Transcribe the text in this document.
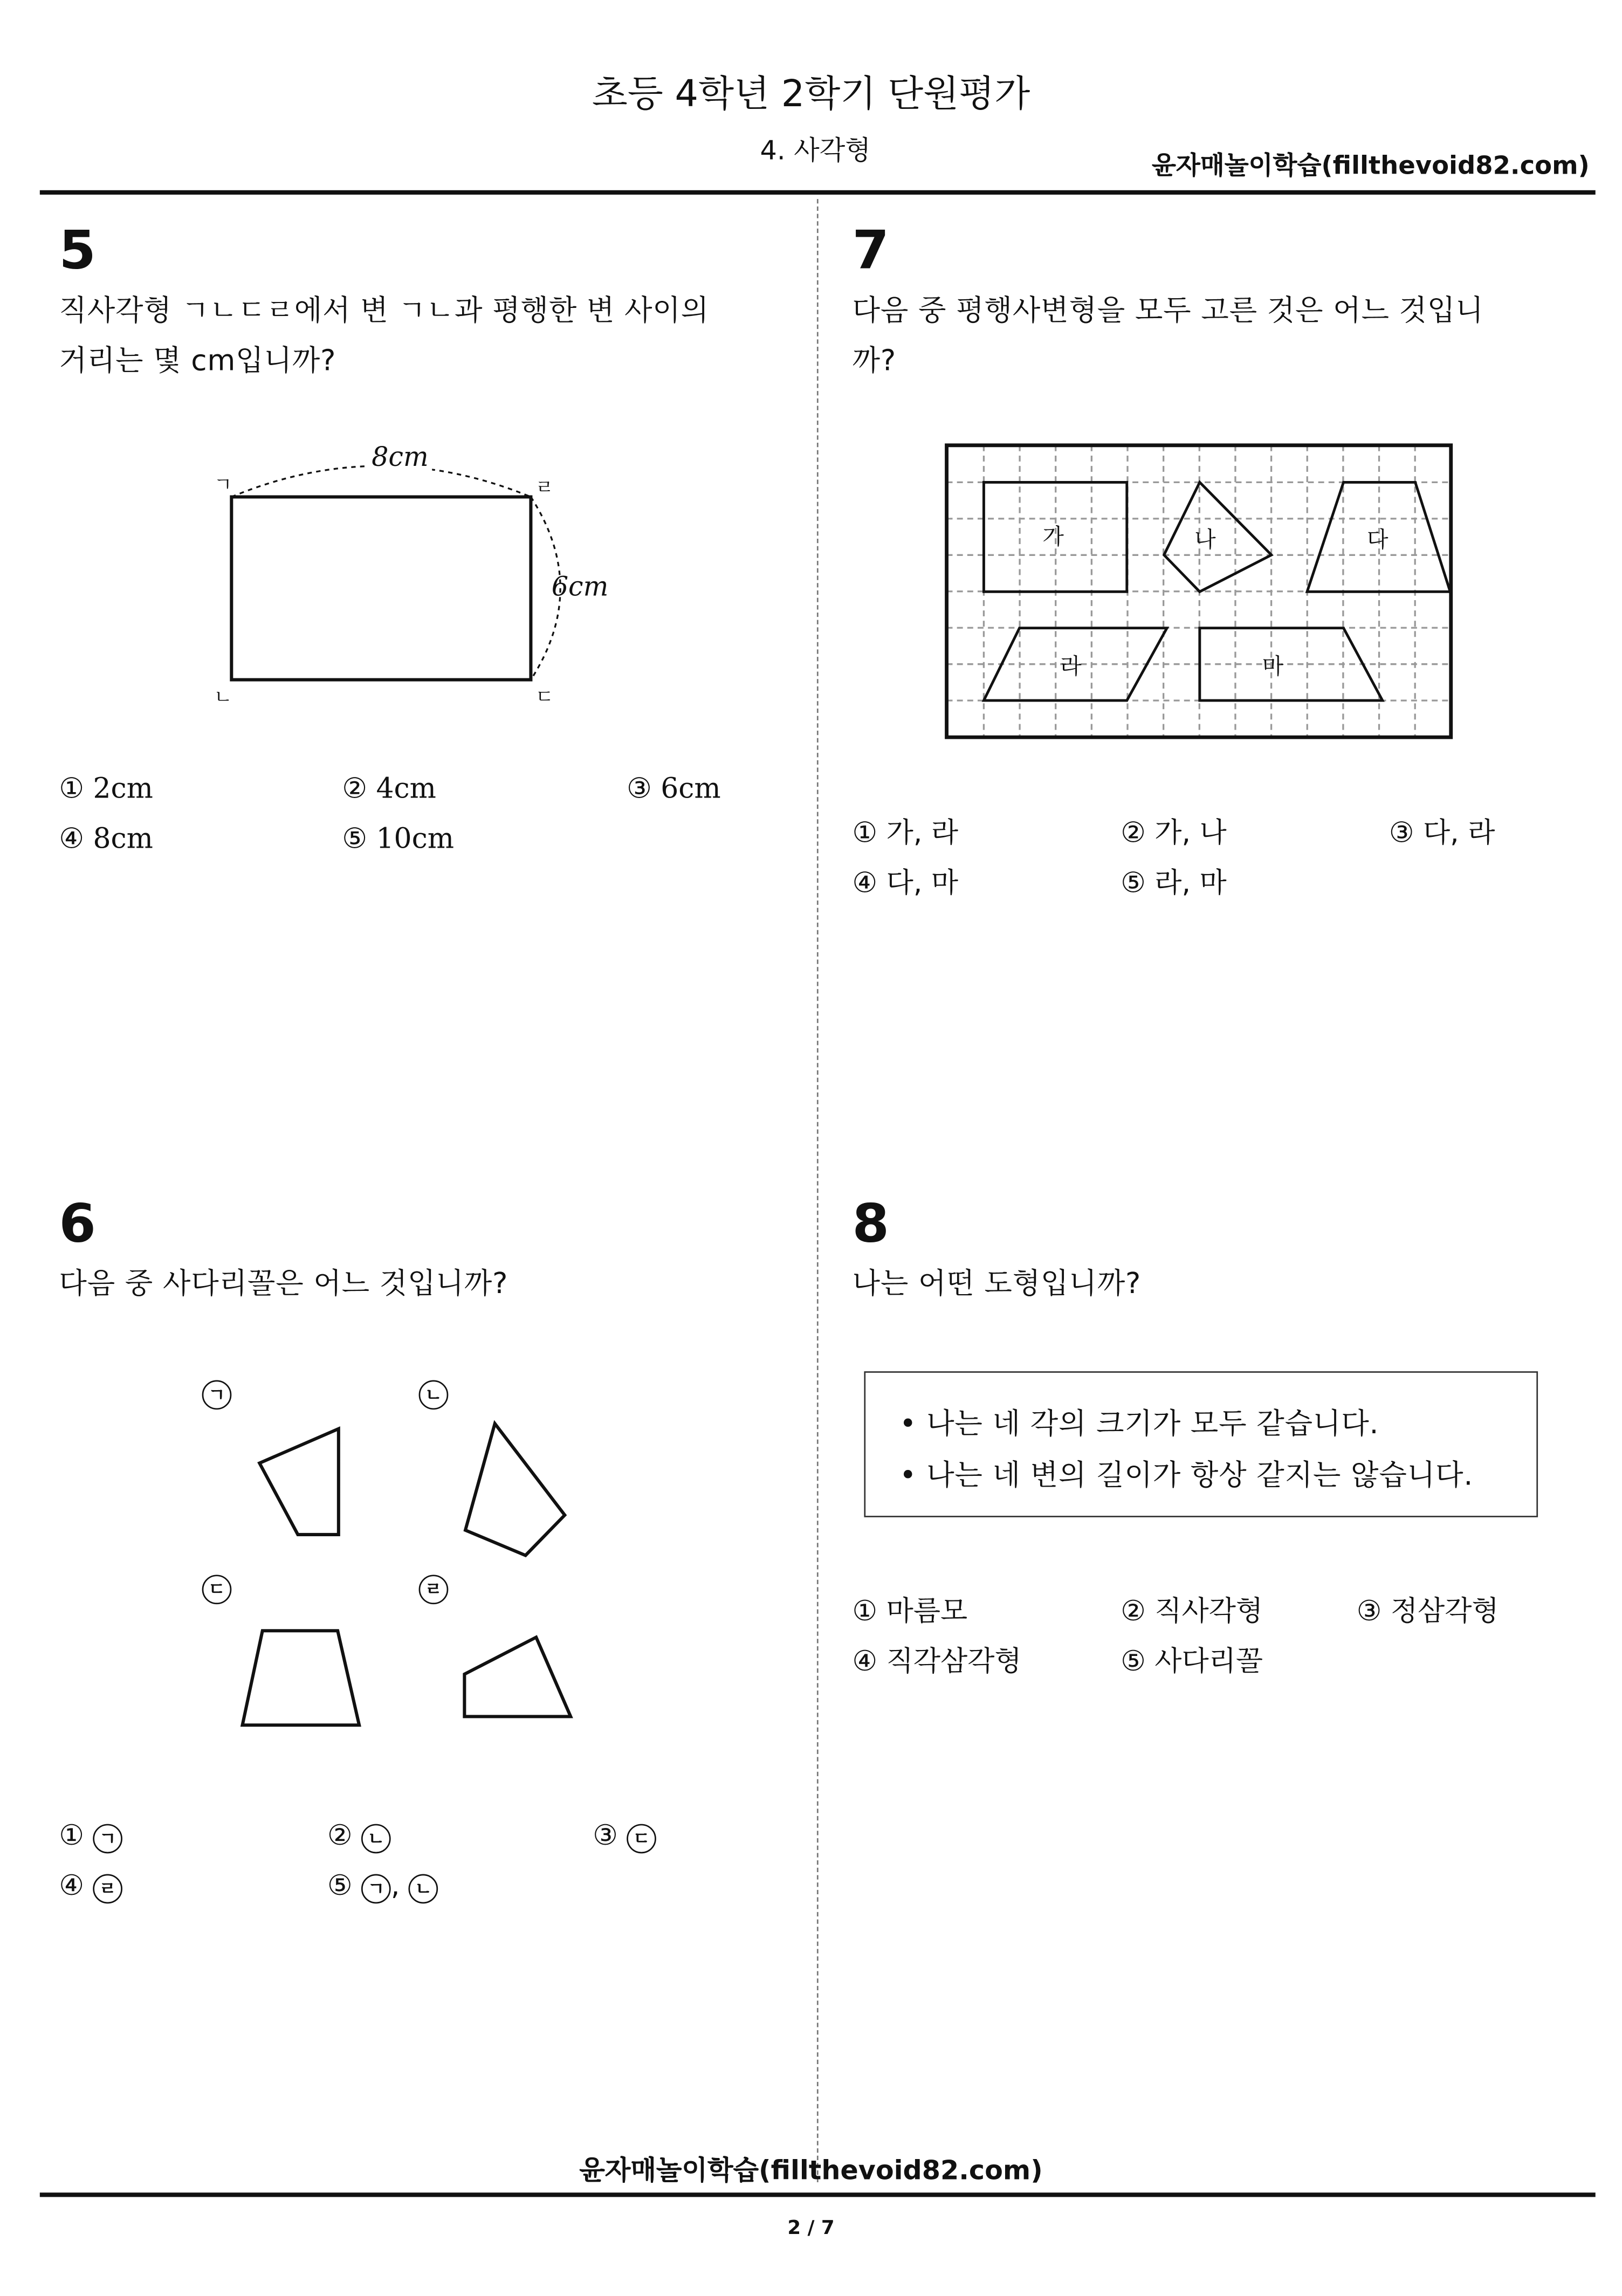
초등 4학년 2학기 단원평가
4. 사각형	윤자매놀이학습(fillthevoid82.com)
5
직사각형 ㄱㄴㄷㄹ에서 변 ㄱㄴ과 평행한 변 사이의
거리는 몇 cm입니까?
8cm
6cm
ㄱ	ㄹ
ㄴ	ㄷ
① 2cm	② 4cm	③ 6cm
④ 8cm	⑤ 10cm
7
다음 중 평행사변형을 모두 고른 것은 어느 것입니
까?
가	나	다
라	마
① 가, 라	② 가, 나	③ 다, 라
④ 다, 마	⑤ 라, 마
6
다음 중 사다리꼴은 어느 것입니까?
ㄱ	ㄴ
ㄷ	ㄹ
① ㄱ	② ㄴ	③ ㄷ
④ ㄹ	⑤ ㄱ , ㄴ
8
나는 어떤 도형입니까?
• 나는 네 각의 크기가 모두 같습니다.
• 나는 네 변의 길이가 항상 같지는 않습니다.
① 마름모	② 직사각형	③ 정삼각형
④ 직각삼각형	⑤ 사다리꼴
윤자매놀이학습(fillthevoid82.com)
2 / 7
